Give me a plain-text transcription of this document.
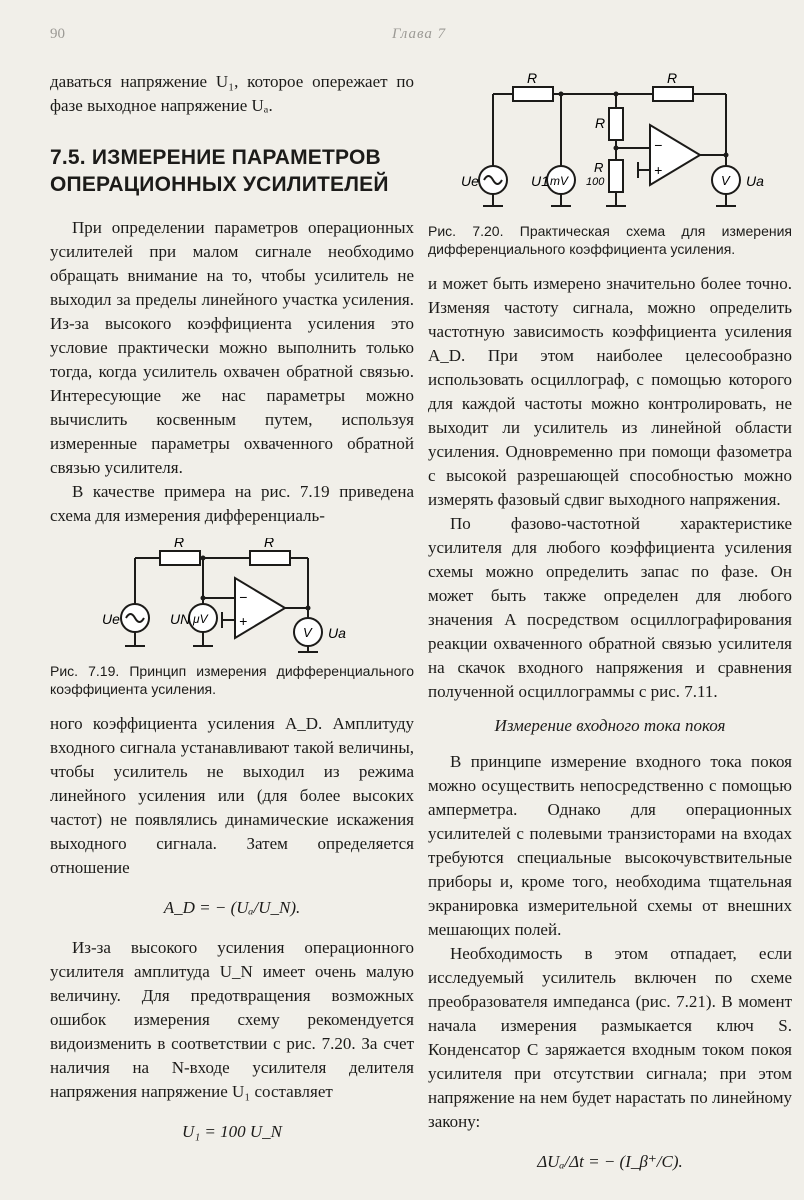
90	Глава 7

даваться напряжение U₁, которое опережает по фазе выходное напряжение Uₐ.

7.5. ИЗМЕРЕНИЕ ПАРАМЕТРОВ ОПЕРАЦИОННЫХ УСИЛИТЕЛЕЙ

При определении параметров операционных усилителей при малом сигнале необходимо обращать внимание на то, чтобы усилитель не выходил за пределы линейного участка усиления. Из-за высокого коэффициента усиления это условие практически можно выполнить только тогда, когда усилитель охвачен обратной связью. Интересующие же нас параметры можно вычислить косвенным путем, используя измеренные параметры охваченного обратной связью усилителя.

В качестве примера на рис. 7.19 приведена схема для измерения дифференциаль-

R	R
Ue	UN μV
V Ua
−
+
Рис. 7.19. Принцип измерения дифференциального коэффициента усиления.

ного коэффициента усиления A_D. Амплитуду входного сигнала устанавливают такой величины, чтобы усилитель не выходил из режима линейного усиления или (для более высоких частот) не появлялись динамические искажения выходного сигнала. Затем определяется отношение

A_D = − (Uₐ/U_N).

Из-за высокого усиления операционного усилителя амплитуда U_N имеет очень малую величину. Для предотвращения возможных ошибок измерения схему рекомендуется видоизменить в соответствии с рис. 7.20. За счет наличия на N-входе усилителя делителя напряжения напряжение U₁ составляет

U₁ = 100 U_N
R	R
R
R
100
Ue	U1 mV	V Ua
−
+
Рис. 7.20. Практическая схема для измерения дифференциального коэффициента усиления.

и может быть измерено значительно более точно. Изменяя частоту сигнала, можно определить частотную зависимость коэффициента усиления A_D. При этом наиболее целесообразно использовать осциллограф, с помощью которого для каждой частоты можно контролировать, не выходит ли усилитель из линейной области усиления. Одновременно при помощи фазометра с высокой разрешающей способностью можно измерять фазовый сдвиг выходного напряжения.

По фазово-частотной характеристике усилителя для любого коэффициента усиления схемы можно определить запас по фазе. Он может быть также определен для любого значения A посредством осциллографирования реакции охваченного обратной связью усилителя на скачок входного напряжения и сравнения полученной осциллограммы с рис. 7.11.

Измерение входного тока покоя

В принципе измерение входного тока покоя можно осуществить непосредственно с помощью амперметра. Однако для операционных усилителей с полевыми транзисторами на входах требуются специальные высокочувствительные приборы и, кроме того, необходима тщательная экранировка измерительной схемы от внешних мешающих полей.

Необходимость в этом отпадает, если исследуемый усилитель включен по схеме преобразователя импеданса (рис. 7.21). В момент начала измерения размыкается ключ S. Конденсатор C заряжается входным током покоя усилителя при отсутствии сигнала; при этом напряжение на нем будет нарастать по линейному закону:

ΔUₐ/Δt = − (I_β⁺/C).
